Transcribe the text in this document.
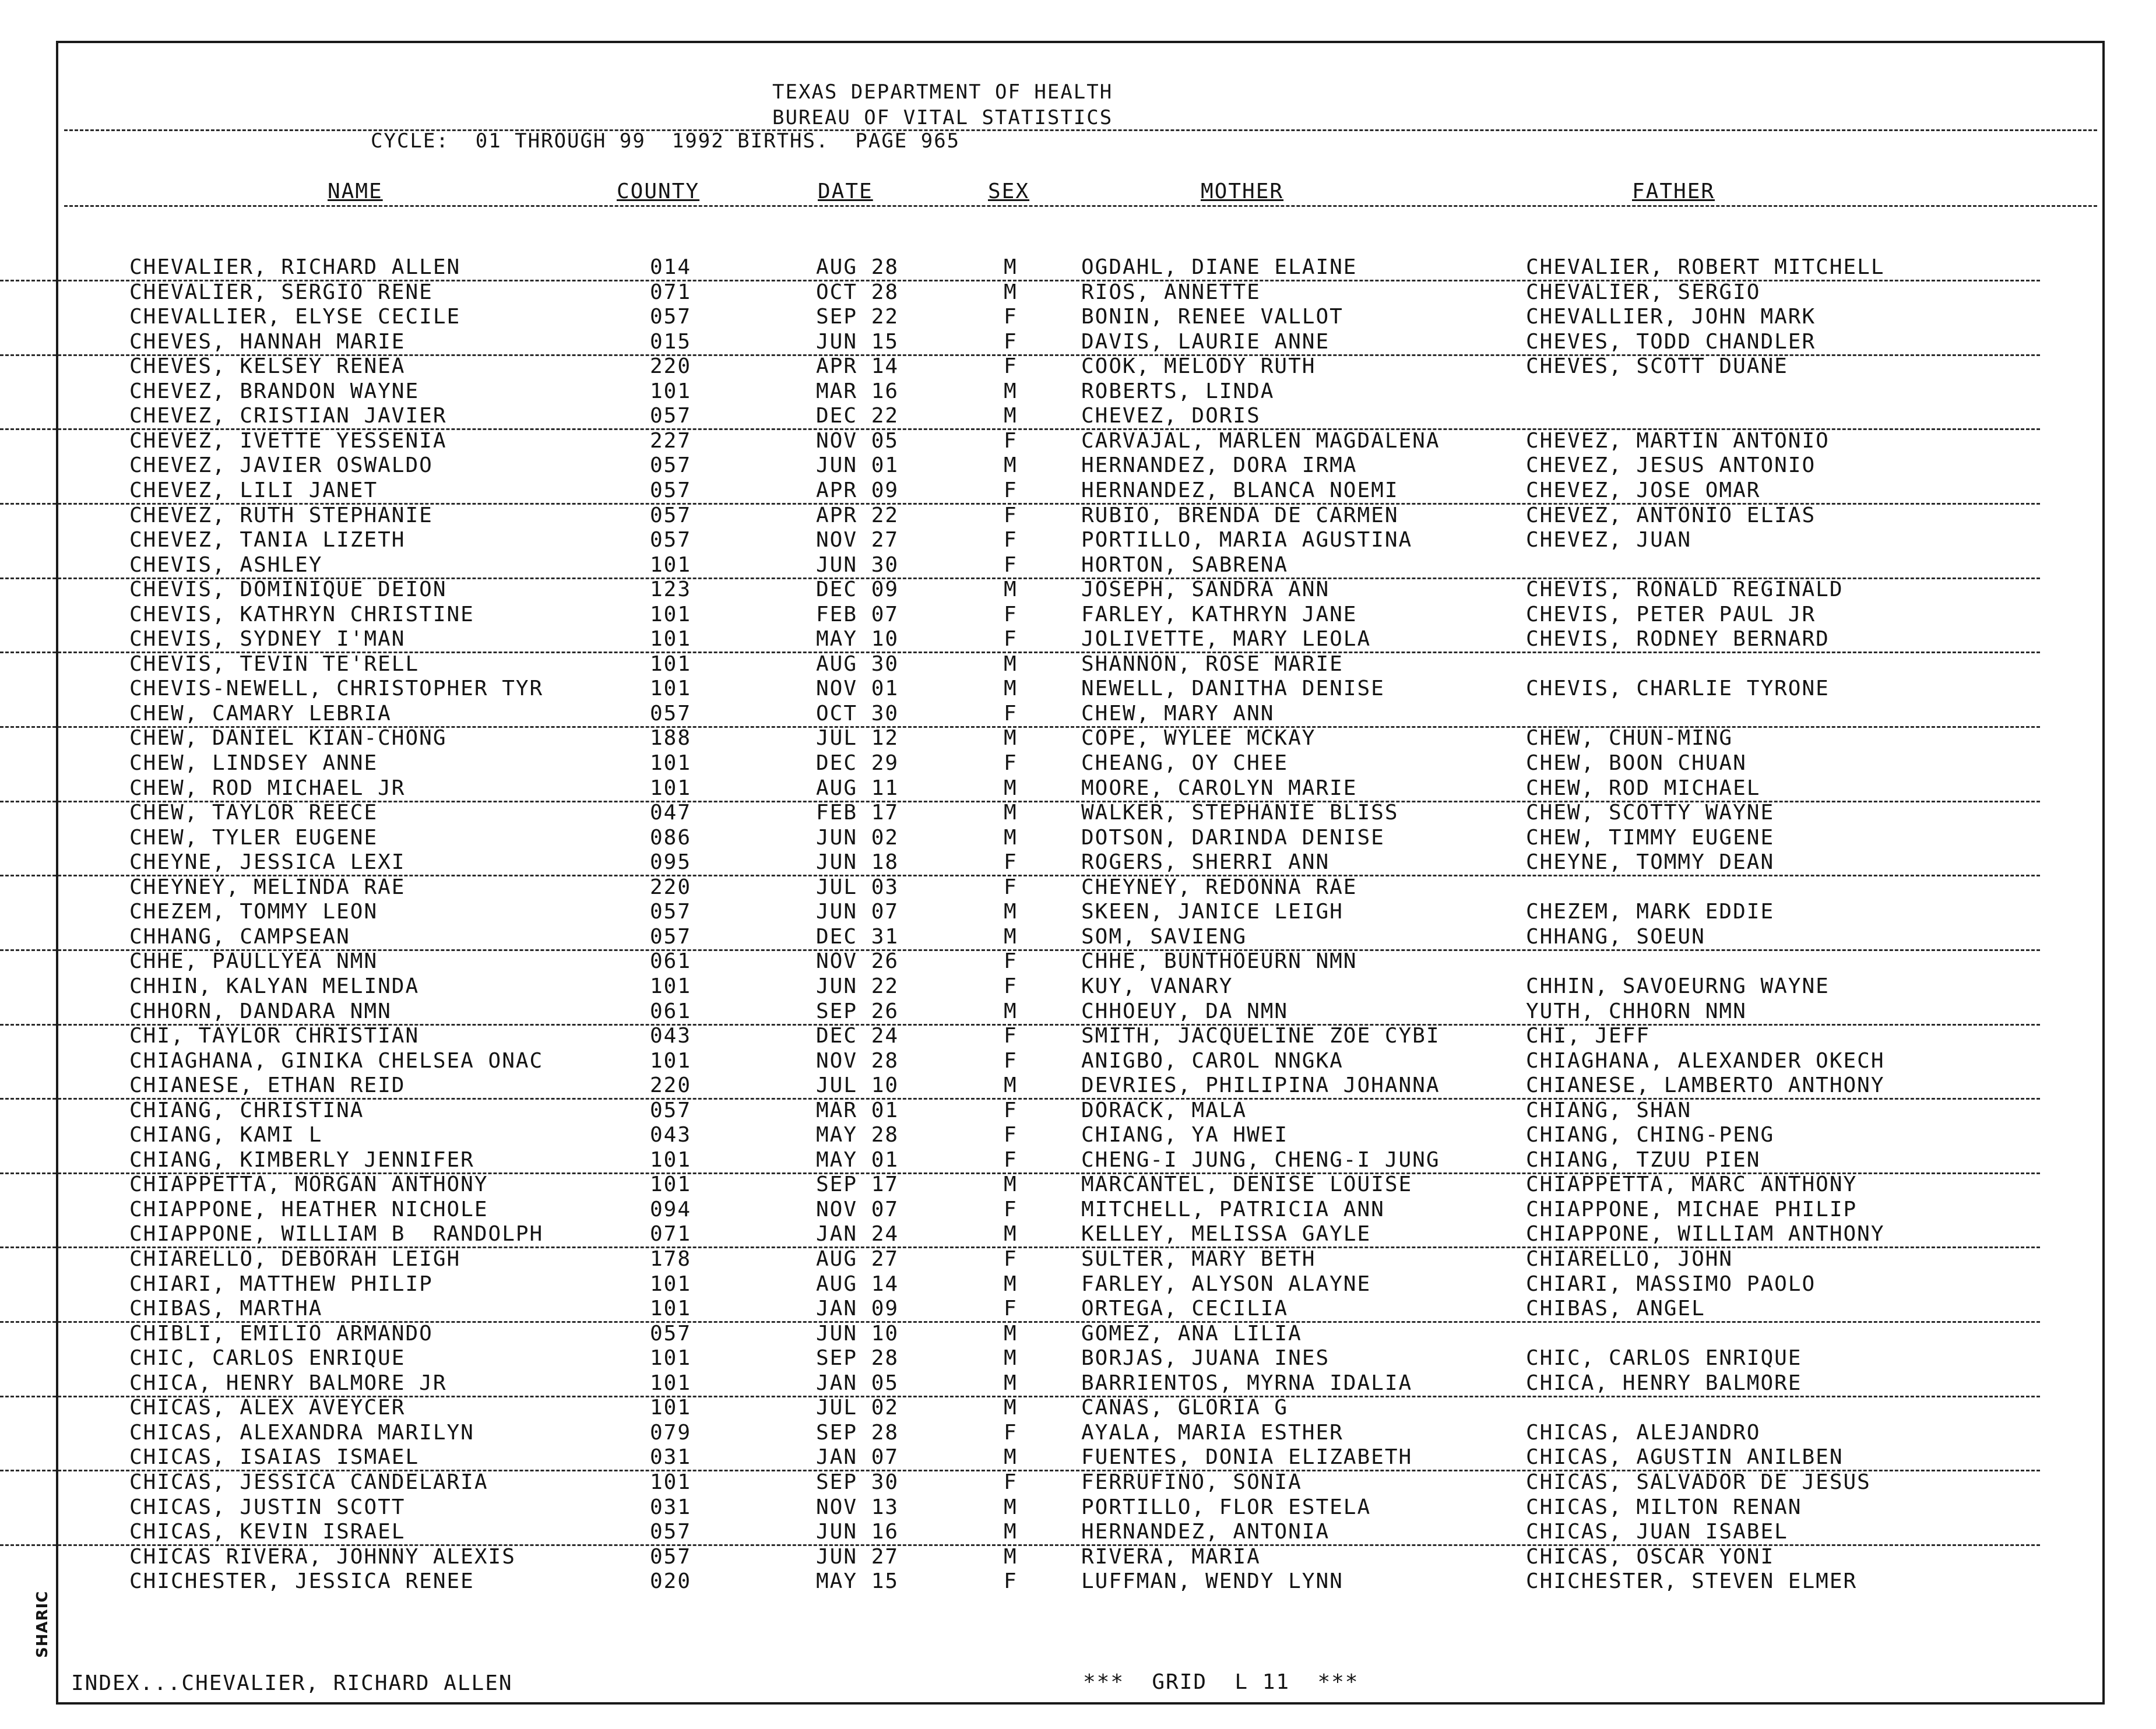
TEXAS DEPARTMENT OF HEALTH
BUREAU OF VITAL STATISTICS
CYCLE:  01 THROUGH 99  1992 BIRTHS.  PAGE 965
NAME	COUNTY	DATE	SEX	MOTHER	FATHER
CHEVALIER, RICHARD ALLEN	014	AUG 28	M	OGDAHL, DIANE ELAINE	CHEVALIER, ROBERT MITCHELL
CHEVALIER, SERGIO RENE	071	OCT 28	M	RIOS, ANNETTE	CHEVALIER, SERGIO
CHEVALLIER, ELYSE CECILE	057	SEP 22	F	BONIN, RENEE VALLOT	CHEVALLIER, JOHN MARK
CHEVES, HANNAH MARIE	015	JUN 15	F	DAVIS, LAURIE ANNE	CHEVES, TODD CHANDLER
CHEVES, KELSEY RENEA	220	APR 14	F	COOK, MELODY RUTH	CHEVES, SCOTT DUANE
CHEVEZ, BRANDON WAYNE	101	MAR 16	M	ROBERTS, LINDA
CHEVEZ, CRISTIAN JAVIER	057	DEC 22	M	CHEVEZ, DORIS
CHEVEZ, IVETTE YESSENIA	227	NOV 05	F	CARVAJAL, MARLEN MAGDALENA	CHEVEZ, MARTIN ANTONIO
CHEVEZ, JAVIER OSWALDO	057	JUN 01	M	HERNANDEZ, DORA IRMA	CHEVEZ, JESUS ANTONIO
CHEVEZ, LILI JANET	057	APR 09	F	HERNANDEZ, BLANCA NOEMI	CHEVEZ, JOSE OMAR
CHEVEZ, RUTH STEPHANIE	057	APR 22	F	RUBIO, BRENDA DE CARMEN	CHEVEZ, ANTONIO ELIAS
CHEVEZ, TANIA LIZETH	057	NOV 27	F	PORTILLO, MARIA AGUSTINA	CHEVEZ, JUAN
CHEVIS, ASHLEY	101	JUN 30	F	HORTON, SABRENA
CHEVIS, DOMINIQUE DEION	123	DEC 09	M	JOSEPH, SANDRA ANN	CHEVIS, RONALD REGINALD
CHEVIS, KATHRYN CHRISTINE	101	FEB 07	F	FARLEY, KATHRYN JANE	CHEVIS, PETER PAUL JR
CHEVIS, SYDNEY I'MAN	101	MAY 10	F	JOLIVETTE, MARY LEOLA	CHEVIS, RODNEY BERNARD
CHEVIS, TEVIN TE'RELL	101	AUG 30	M	SHANNON, ROSE MARIE
CHEVIS-NEWELL, CHRISTOPHER TYR	101	NOV 01	M	NEWELL, DANITHA DENISE	CHEVIS, CHARLIE TYRONE
CHEW, CAMARY LEBRIA	057	OCT 30	F	CHEW, MARY ANN
CHEW, DANIEL KIAN-CHONG	188	JUL 12	M	COPE, WYLEE MCKAY	CHEW, CHUN-MING
CHEW, LINDSEY ANNE	101	DEC 29	F	CHEANG, OY CHEE	CHEW, BOON CHUAN
CHEW, ROD MICHAEL JR	101	AUG 11	M	MOORE, CAROLYN MARIE	CHEW, ROD MICHAEL
CHEW, TAYLOR REECE	047	FEB 17	M	WALKER, STEPHANIE BLISS	CHEW, SCOTTY WAYNE
CHEW, TYLER EUGENE	086	JUN 02	M	DOTSON, DARINDA DENISE	CHEW, TIMMY EUGENE
CHEYNE, JESSICA LEXI	095	JUN 18	F	ROGERS, SHERRI ANN	CHEYNE, TOMMY DEAN
CHEYNEY, MELINDA RAE	220	JUL 03	F	CHEYNEY, REDONNA RAE
CHEZEM, TOMMY LEON	057	JUN 07	M	SKEEN, JANICE LEIGH	CHEZEM, MARK EDDIE
CHHANG, CAMPSEAN	057	DEC 31	M	SOM, SAVIENG	CHHANG, SOEUN
CHHE, PAULLYEA NMN	061	NOV 26	F	CHHE, BUNTHOEURN NMN
CHHIN, KALYAN MELINDA	101	JUN 22	F	KUY, VANARY	CHHIN, SAVOEURNG WAYNE
CHHORN, DANDARA NMN	061	SEP 26	M	CHHOEUY, DA NMN	YUTH, CHHORN NMN
CHI, TAYLOR CHRISTIAN	043	DEC 24	F	SMITH, JACQUELINE ZOE CYBI	CHI, JEFF
CHIAGHANA, GINIKA CHELSEA ONAC	101	NOV 28	F	ANIGBO, CAROL NNGKA	CHIAGHANA, ALEXANDER OKECH
CHIANESE, ETHAN REID	220	JUL 10	M	DEVRIES, PHILIPINA JOHANNA	CHIANESE, LAMBERTO ANTHONY
CHIANG, CHRISTINA	057	MAR 01	F	DORACK, MALA	CHIANG, SHAN
CHIANG, KAMI L	043	MAY 28	F	CHIANG, YA HWEI	CHIANG, CHING-PENG
CHIANG, KIMBERLY JENNIFER	101	MAY 01	F	CHENG-I JUNG, CHENG-I JUNG	CHIANG, TZUU PIEN
CHIAPPETTA, MORGAN ANTHONY	101	SEP 17	M	MARCANTEL, DENISE LOUISE	CHIAPPETTA, MARC ANTHONY
CHIAPPONE, HEATHER NICHOLE	094	NOV 07	F	MITCHELL, PATRICIA ANN	CHIAPPONE, MICHAE PHILIP
CHIAPPONE, WILLIAM B  RANDOLPH	071	JAN 24	M	KELLEY, MELISSA GAYLE	CHIAPPONE, WILLIAM ANTHONY
CHIARELLO, DEBORAH LEIGH	178	AUG 27	F	SULTER, MARY BETH	CHIARELLO, JOHN
CHIARI, MATTHEW PHILIP	101	AUG 14	M	FARLEY, ALYSON ALAYNE	CHIARI, MASSIMO PAOLO
CHIBAS, MARTHA	101	JAN 09	F	ORTEGA, CECILIA	CHIBAS, ANGEL
CHIBLI, EMILIO ARMANDO	057	JUN 10	M	GOMEZ, ANA LILIA
CHIC, CARLOS ENRIQUE	101	SEP 28	M	BORJAS, JUANA INES	CHIC, CARLOS ENRIQUE
CHICA, HENRY BALMORE JR	101	JAN 05	M	BARRIENTOS, MYRNA IDALIA	CHICA, HENRY BALMORE
CHICAS, ALEX AVEYCER	101	JUL 02	M	CANAS, GLORIA G
CHICAS, ALEXANDRA MARILYN	079	SEP 28	F	AYALA, MARIA ESTHER	CHICAS, ALEJANDRO
CHICAS, ISAIAS ISMAEL	031	JAN 07	M	FUENTES, DONIA ELIZABETH	CHICAS, AGUSTIN ANILBEN
CHICAS, JESSICA CANDELARIA	101	SEP 30	F	FERRUFINO, SONIA	CHICAS, SALVADOR DE JESUS
CHICAS, JUSTIN SCOTT	031	NOV 13	M	PORTILLO, FLOR ESTELA	CHICAS, MILTON RENAN
CHICAS, KEVIN ISRAEL	057	JUN 16	M	HERNANDEZ, ANTONIA	CHICAS, JUAN ISABEL
CHICAS RIVERA, JOHNNY ALEXIS	057	JUN 27	M	RIVERA, MARIA	CHICAS, OSCAR YONI
CHICHESTER, JESSICA RENEE	020	MAY 15	F	LUFFMAN, WENDY LYNN	CHICHESTER, STEVEN ELMER
INDEX...CHEVALIER, RICHARD ALLEN	***  GRID  L 11  ***
SHARIC
